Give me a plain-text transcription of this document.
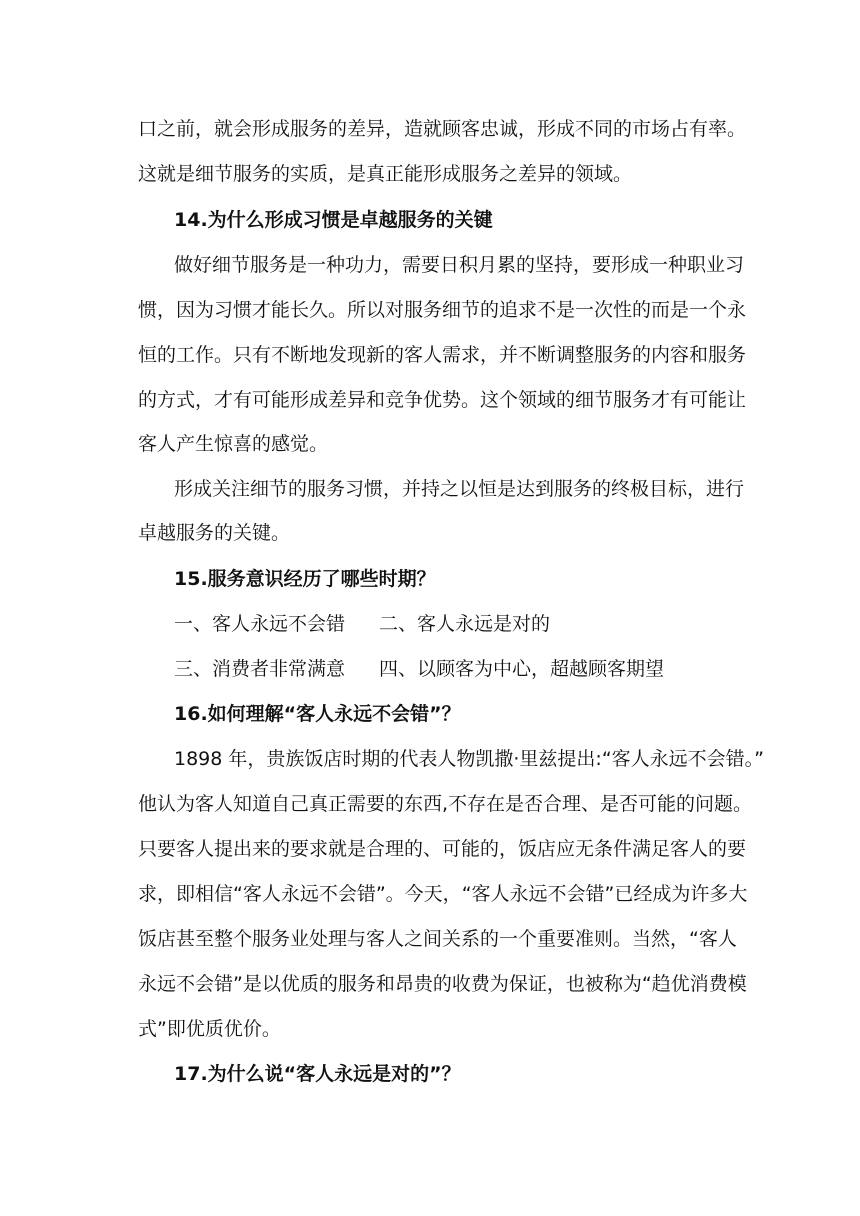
口之前，就会形成服务的差异，造就顾客忠诚，形成不同的市场占有率。
这就是细节服务的实质，是真正能形成服务之差异的领域。
14.为什么形成习惯是卓越服务的关键
做好细节服务是一种功力，需要日积月累的坚持，要形成一种职业习
惯，因为习惯才能长久。所以对服务细节的追求不是一次性的而是一个永
恒的工作。只有不断地发现新的客人需求，并不断调整服务的内容和服务
的方式，才有可能形成差异和竞争优势。这个领域的细节服务才有可能让
客人产生惊喜的感觉。
形成关注细节的服务习惯，并持之以恒是达到服务的终极目标，进行
卓越服务的关键。
15.服务意识经历了哪些时期？
一、客人永远不会错 二、客人永远是对的
三、消费者非常满意 四、以顾客为中心，超越顾客期望
16.如何理解“客人永远不会错”？
1898 年，贵族饭店时期的代表人物凯撒·里兹提出:“客人永远不会错。”
他认为客人知道自己真正需要的东西,不存在是否合理、是否可能的问题。
只要客人提出来的要求就是合理的、可能的，饭店应无条件满足客人的要
求，即相信“客人永远不会错”。今天，“客人永远不会错”已经成为许多大
饭店甚至整个服务业处理与客人之间关系的一个重要准则。当然，“客人
永远不会错”是以优质的服务和昂贵的收费为保证，也被称为“趋优消费模
式”即优质优价。
17.为什么说“客人永远是对的”？
